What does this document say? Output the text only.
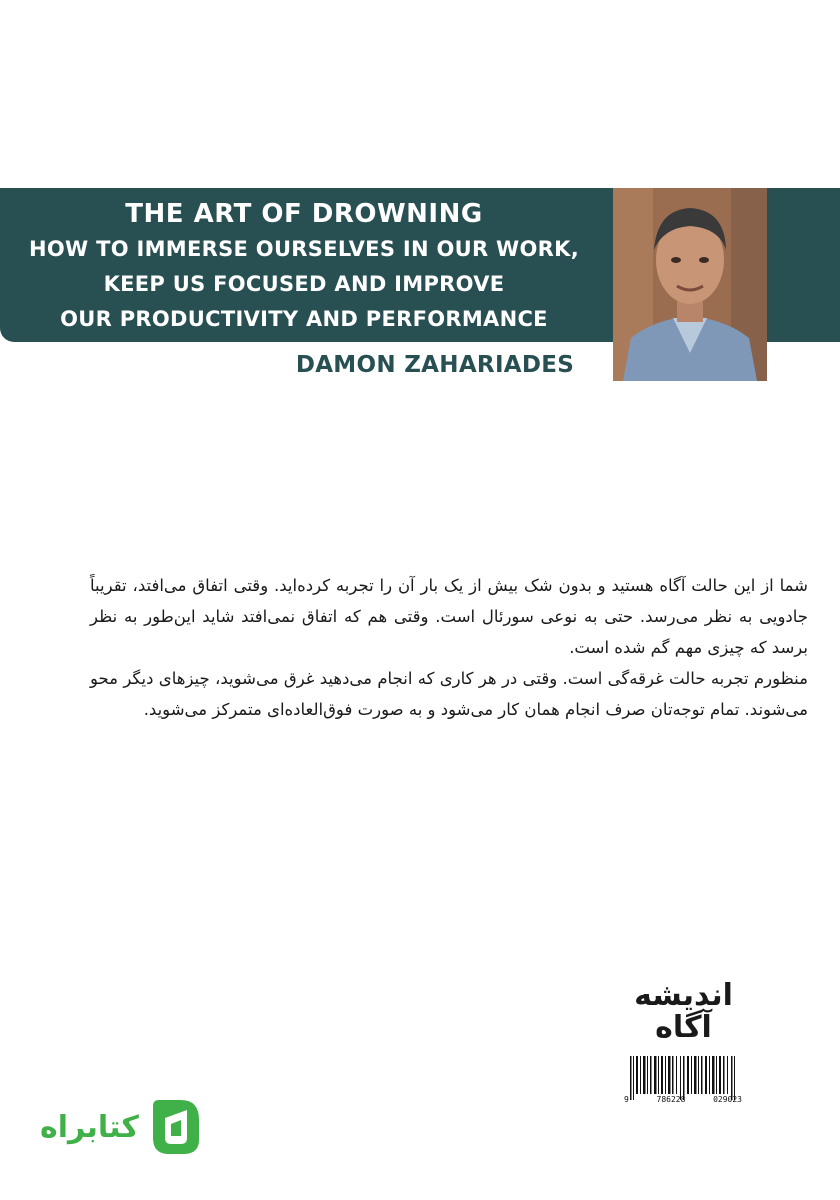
THE ART OF DROWNING
HOW TO IMMERSE OURSELVES IN OUR WORK,
KEEP US FOCUSED AND IMPROVE
OUR PRODUCTIVITY AND PERFORMANCE
DAMON ZAHARIADES

شما از این حالت آگاه هستید و بدون شک بیش از یک بار آن را تجربه کرده‌اید. وقتی اتفاق می‌افتد، تقریباً جادویی به نظر می‌رسد. حتی به نوعی سورئال است. وقتی هم که اتفاق نمی‌افتد شاید این‌طور به نظر برسد که چیزی مهم گم شده است.

منظورم تجربه حالت غرقه‌گی است. وقتی در هر کاری که انجام می‌دهید غرق می‌شوید، چیزهای دیگر محو می‌شوند. تمام توجه‌تان صرف انجام همان کار می‌شود و به صورت فوق‌العاده‌ای متمرکز می‌شوید.

اندیشه
آگاه
9	786228	029023
کتابراه
